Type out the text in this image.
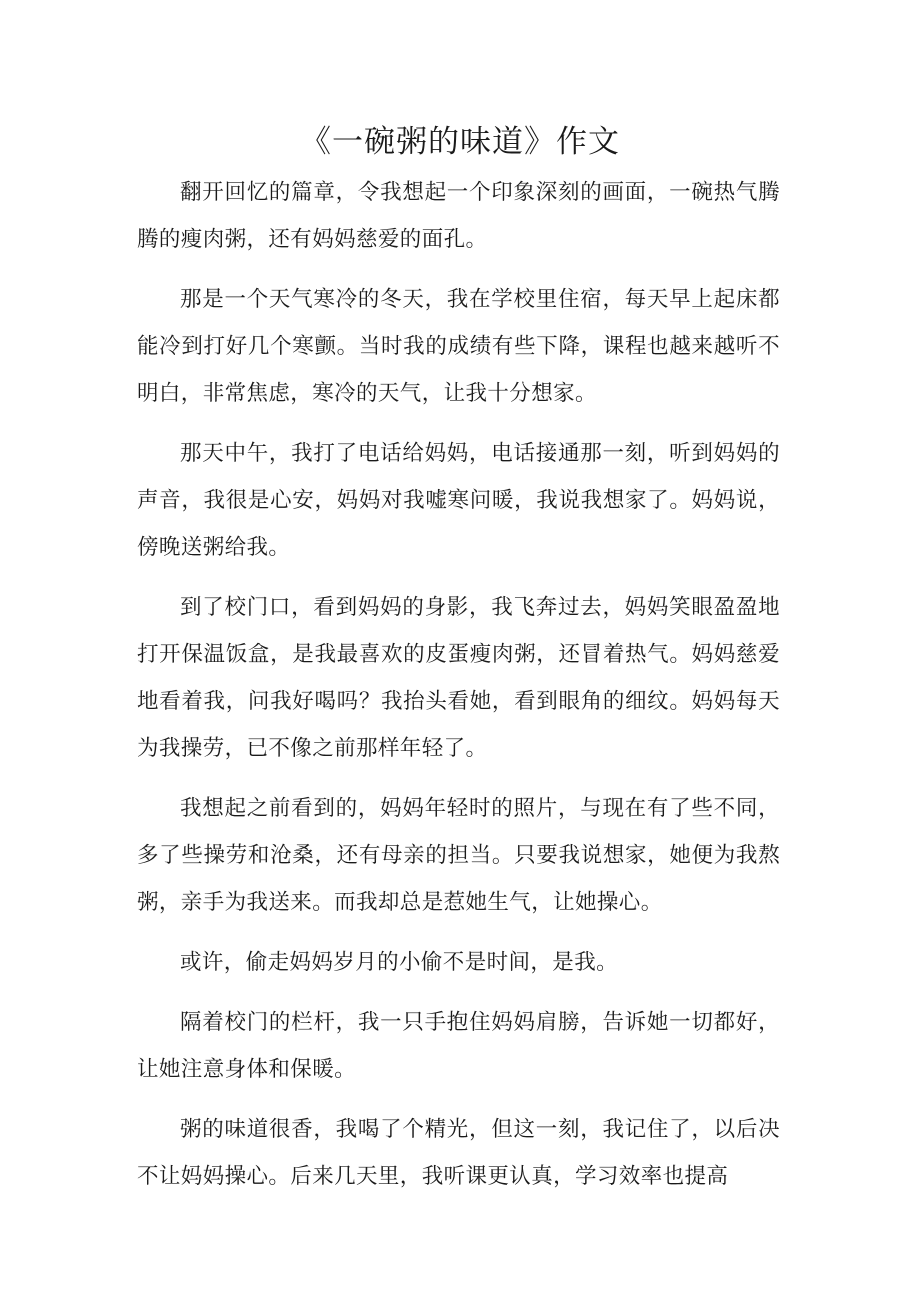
《一碗粥的味道》作文

翻开回忆的篇章，令我想起一个印象深刻的画面，一碗热气腾腾的瘦肉粥，还有妈妈慈爱的面孔。

那是一个天气寒冷的冬天，我在学校里住宿，每天早上起床都能冷到打好几个寒颤。当时我的成绩有些下降，课程也越来越听不明白，非常焦虑，寒冷的天气，让我十分想家。

那天中午，我打了电话给妈妈，电话接通那一刻，听到妈妈的声音，我很是心安，妈妈对我嘘寒问暖，我说我想家了。妈妈说，傍晚送粥给我。

到了校门口，看到妈妈的身影，我飞奔过去，妈妈笑眼盈盈地打开保温饭盒，是我最喜欢的皮蛋瘦肉粥，还冒着热气。妈妈慈爱地看着我，问我好喝吗？我抬头看她，看到眼角的细纹。妈妈每天为我操劳，已不像之前那样年轻了。

我想起之前看到的，妈妈年轻时的照片，与现在有了些不同，多了些操劳和沧桑，还有母亲的担当。只要我说想家，她便为我熬粥，亲手为我送来。而我却总是惹她生气，让她操心。

或许，偷走妈妈岁月的小偷不是时间，是我。

隔着校门的栏杆，我一只手抱住妈妈肩膀，告诉她一切都好，让她注意身体和保暖。

粥的味道很香，我喝了个精光，但这一刻，我记住了，以后决不让妈妈操心。后来几天里，我听课更认真，学习效率也提高
